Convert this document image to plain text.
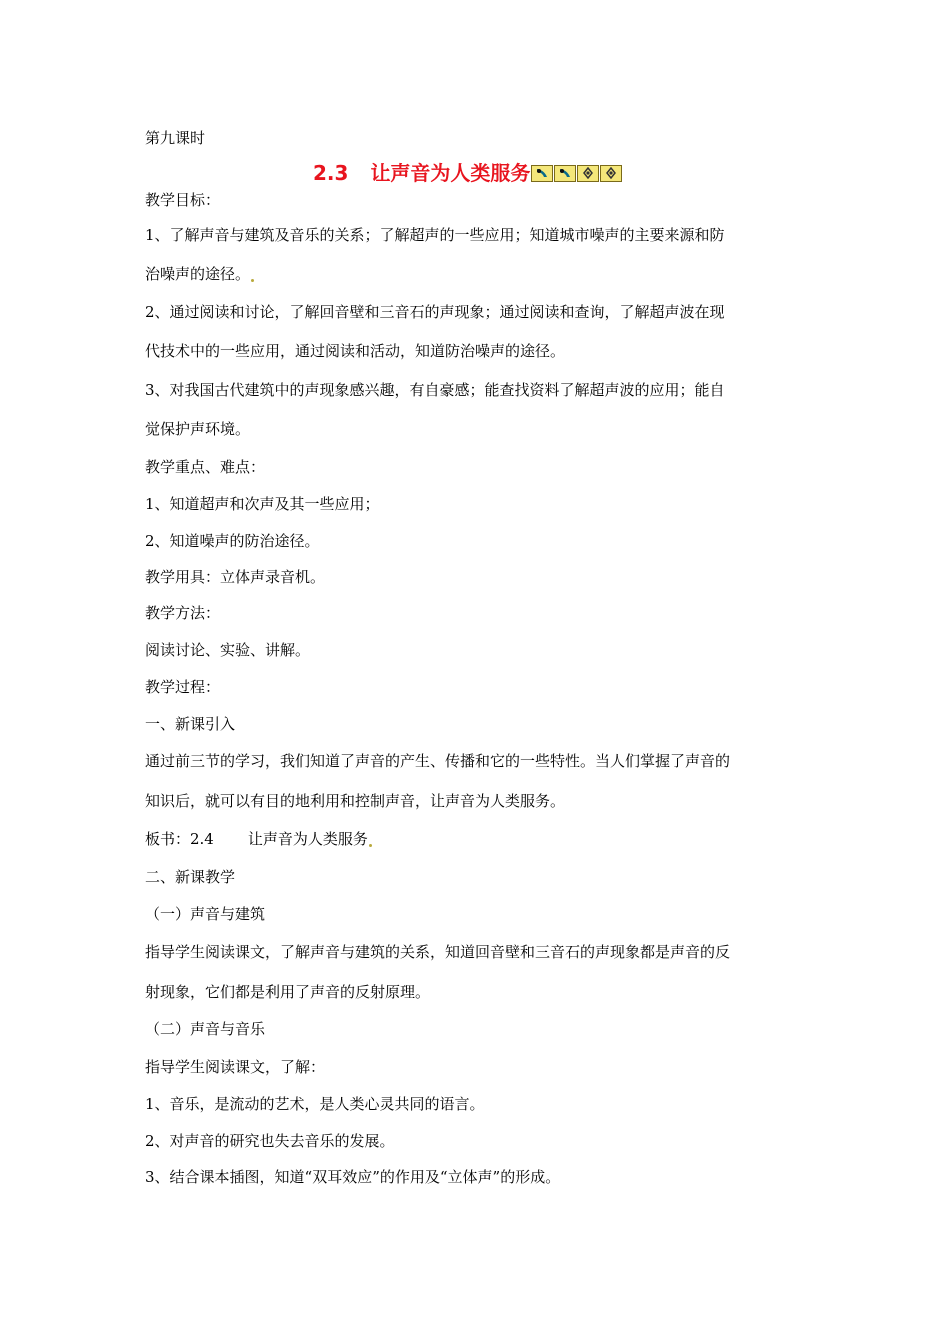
第九课时
2.3 让声音为人类服务
教学目标：
1、了解声音与建筑及音乐的关系；了解超声的一些应用；知道城市噪声的主要来源和防
治噪声的途径。
2、通过阅读和讨论，了解回音壁和三音石的声现象；通过阅读和查询，了解超声波在现
代技术中的一些应用，通过阅读和活动，知道防治噪声的途径。
3、对我国古代建筑中的声现象感兴趣，有自豪感；能查找资料了解超声波的应用；能自
觉保护声环境。
教学重点、难点：
1、知道超声和次声及其一些应用；
2、知道噪声的防治途径。
教学用具：立体声录音机。
教学方法：
阅读讨论、实验、讲解。
教学过程：
一、新课引入
通过前三节的学习，我们知道了声音的产生、传播和它的一些特性。当人们掌握了声音的
知识后，就可以有目的地利用和控制声音，让声音为人类服务。
板书：2.4 让声音为人类服务
二、新课教学
（一）声音与建筑
指导学生阅读课文，了解声音与建筑的关系，知道回音壁和三音石的声现象都是声音的反
射现象，它们都是利用了声音的反射原理。
（二）声音与音乐
指导学生阅读课文，了解：
1、音乐，是流动的艺术，是人类心灵共同的语言。
2、对声音的研究也失去音乐的发展。
3、结合课本插图，知道“双耳效应”的作用及“立体声”的形成。
